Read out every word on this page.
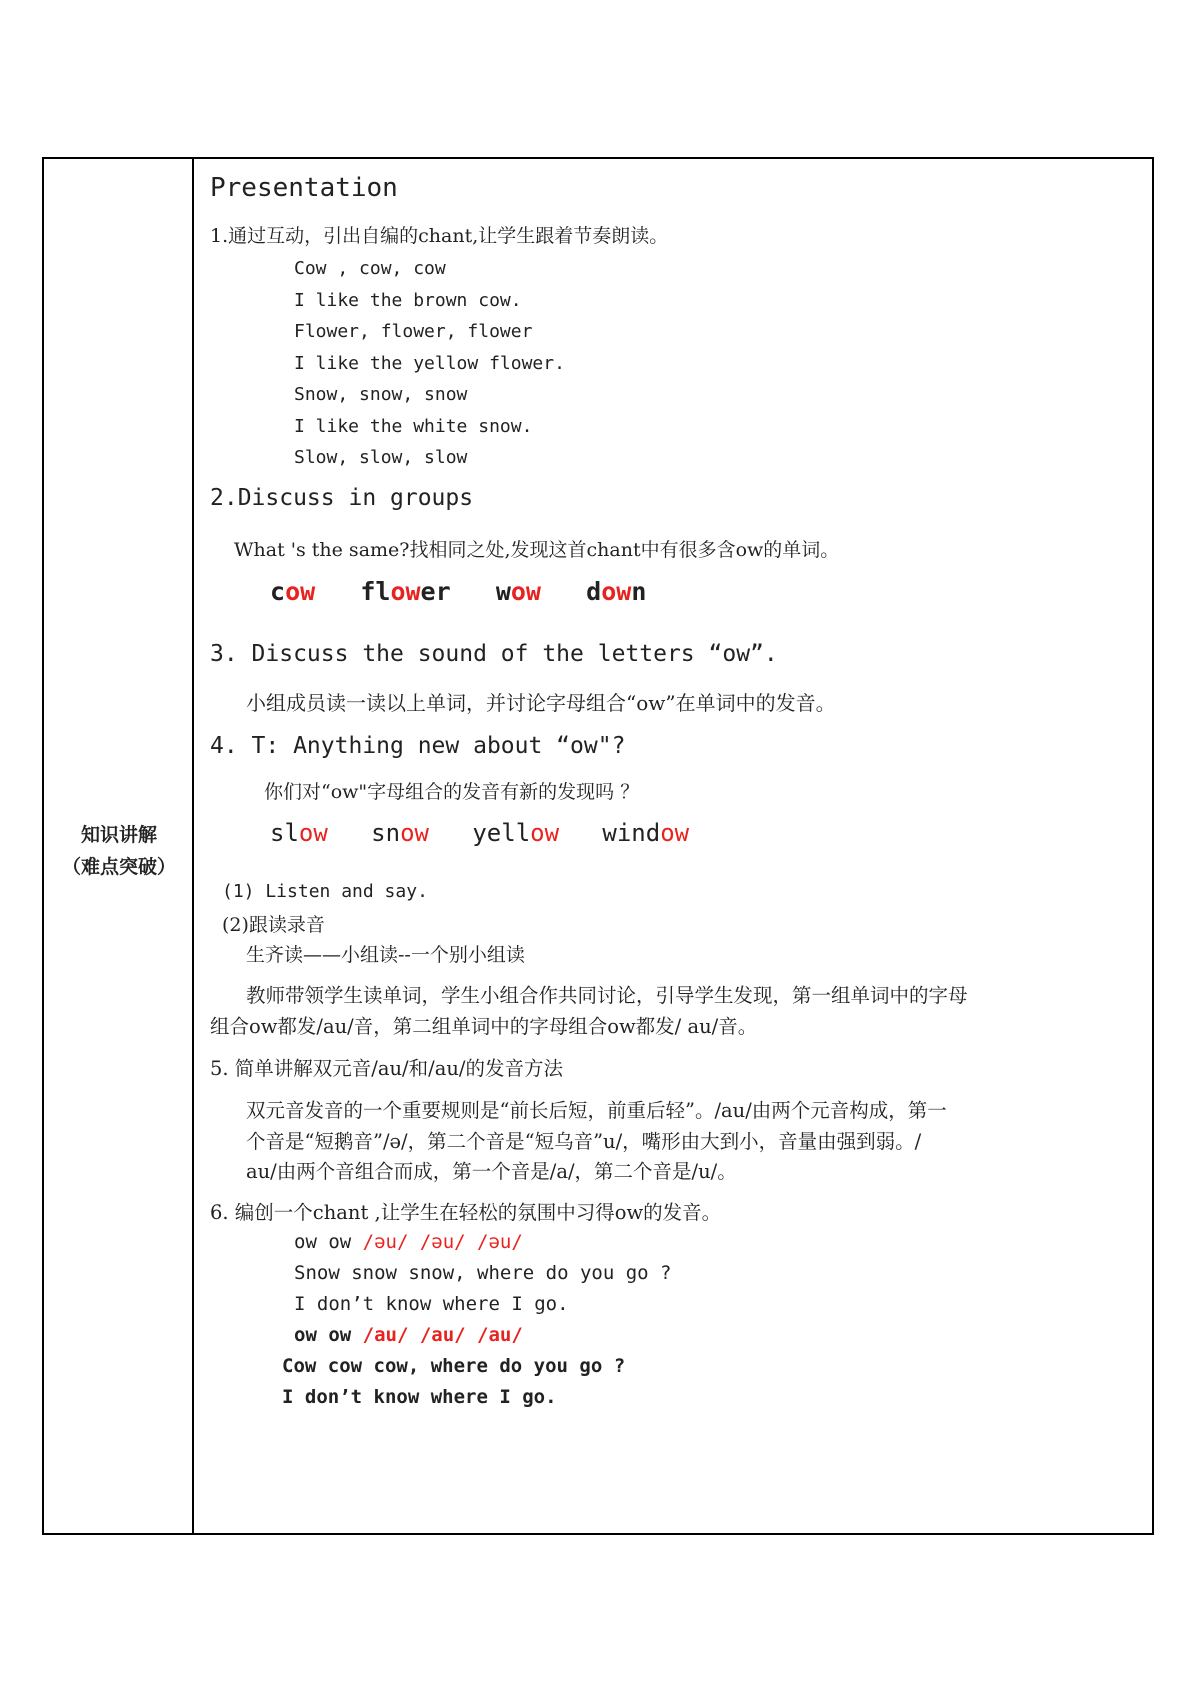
知识讲解
（难点突破）
Presentation
1.通过互动，引出自编的chant,让学生跟着节奏朗读。
Cow , cow, cow
I like the brown cow.
Flower, flower, flower
I like the yellow flower.
Snow, snow, snow
I like the white snow.
Slow, slow, slow
2.Discuss in groups
What 's the same?找相同之处,发现这首chant中有很多含ow的单词。
cow flower wow down
3. Discuss the sound of the letters “ow”.
小组成员读一读以上单词，并讨论字母组合“ow”在单词中的发音。
4. T: Anything new about “ow"?
你们对“ow"字母组合的发音有新的发现吗 ？
slow snow yellow window
(1) Listen and say.
(2)跟读录音
生齐读——小组读--一个别小组读
教师带领学生读单词，学生小组合作共同讨论，引导学生发现，第一组单词中的字母
组合ow都发/au/音，第二组单词中的字母组合ow都发/ au/音。
5. 简单讲解双元音/au/和/au/的发音方法
双元音发音的一个重要规则是“前长后短，前重后轻”。/au/由两个元音构成，第一
个音是“短鹅音”/ə/，第二个音是“短乌音”u/，嘴形由大到小，音量由强到弱。/
au/由两个音组合而成，第一个音是/a/，第二个音是/u/。
6. 编创一个chant ,让学生在轻松的氛围中习得ow的发音。
ow ow /əu/ /əu/ /əu/
Snow snow snow, where do you go ?
I don’t know where I go.
ow ow /au/ /au/ /au/
Cow cow cow, where do you go ?
I don’t know where I go.
